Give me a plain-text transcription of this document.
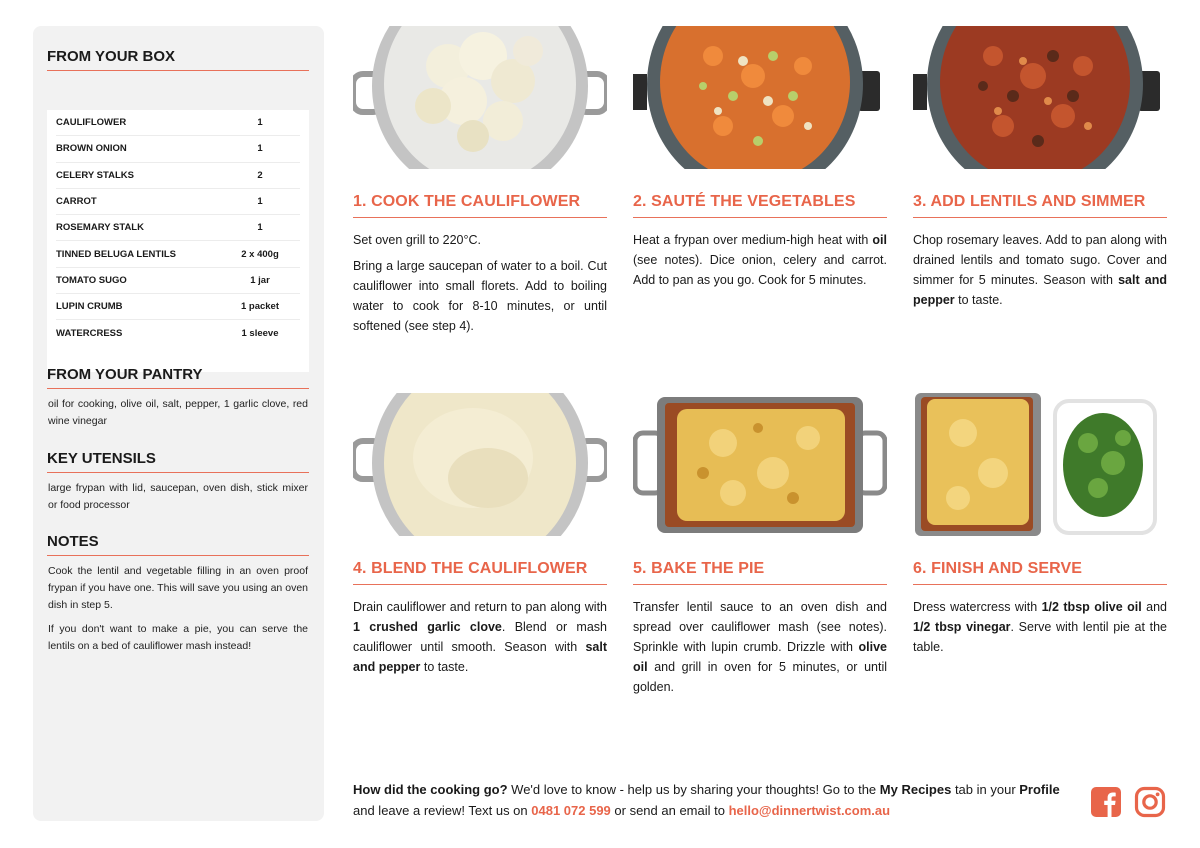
FROM YOUR BOX
CAULIFLOWER	1
BROWN ONION	1
CELERY STALKS	2
CARROT	1
ROSEMARY STALK	1
TINNED BELUGA LENTILS	2 x 400g
TOMATO SUGO	1 jar
LUPIN CRUMB	1 packet
WATERCRESS	1 sleeve
FROM YOUR PANTRY
oil for cooking, olive oil, salt, pepper, 1 garlic clove, red wine vinegar
KEY UTENSILS
large frypan with lid, saucepan, oven dish, stick mixer or food processor
NOTES
Cook the lentil and vegetable filling in an oven proof frypan if you have one. This will save you using an oven dish in step 5.
If you don't want to make a pie, you can serve the lentils on a bed of cauliflower mash instead!
1. COOK THE CAULIFLOWER

Set oven grill to 220°C.

Bring a large saucepan of water to a boil. Cut cauliflower into small florets. Add to boiling water to cook for 8-10 minutes, or until softened (see step 4).

2. SAUTÉ THE VEGETABLES

Heat a frypan over medium-high heat with oil (see notes). Dice onion, celery and carrot. Add to pan as you go. Cook for 5 minutes.

3. ADD LENTILS AND SIMMER

Chop rosemary leaves. Add to pan along with drained lentils and tomato sugo. Cover and simmer for 5 minutes. Season with salt and pepper to taste.

4. BLEND THE CAULIFLOWER

Drain cauliflower and return to pan along with 1 crushed garlic clove. Blend or mash cauliflower until smooth. Season with salt and pepper to taste.

5. BAKE THE PIE

Transfer lentil sauce to an oven dish and spread over cauliflower mash (see notes). Sprinkle with lupin crumb. Drizzle with olive oil and grill in oven for 5 minutes, or until golden.

6. FINISH AND SERVE

Dress watercress with 1/2 tbsp olive oil and 1/2 tbsp vinegar. Serve with lentil pie at the table.

How did the cooking go? We'd love to know - help us by sharing your thoughts! Go to the My Recipes tab in your Profile and leave a review! Text us on 0481 072 599 or send an email to hello@dinnertwist.com.au
